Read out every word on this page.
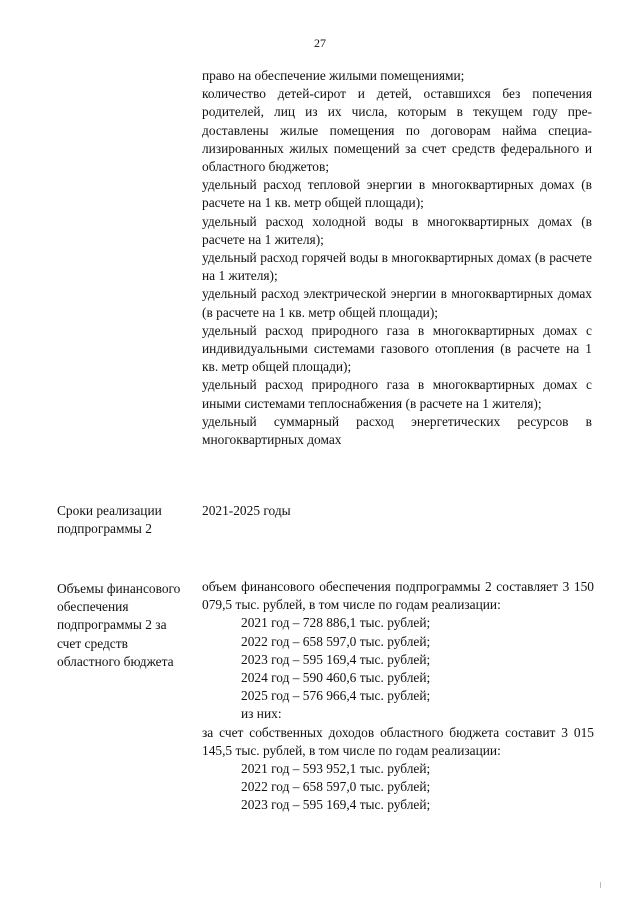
27

право на обеспечение жилыми помещениями;

количество детей-сирот и детей, оставшихся без попечения родителей, лиц из их числа, которым в текущем году предоставлены жилые помещения по договорам найма специализированных жилых помещений за счет средств федерального и областного бюджетов;

удельный расход тепловой энергии в многоквартирных домах (в расчете на 1 кв. метр общей площади);

удельный расход холодной воды в многоквартирных домах (в расчете на 1 жителя);

удельный расход горячей воды в многоквартирных домах (в расчете на 1 жителя);

удельный расход электрической энергии в многоквартирных домах (в расчете на 1 кв. метр общей площади);

удельный расход природного газа в многоквартирных домах с индивидуальными системами газового отопления (в расчете на 1 кв. метр общей площади);

удельный расход природного газа в многоквартирных домах с иными системами теплоснабжения (в расчете на 1 жителя);

удельный суммарный расход энергетических ресурсов в многоквартирных домах

Сроки реализации подпрограммы 2
2021-2025 годы
Объемы финансового обеспечения подпрограммы 2 за счет средств областного бюджета

объем финансового обеспечения подпрограммы 2 составляет 3 150 079,5 тыс. рублей, в том числе по годам реализации:

2021 год – 728 886,1 тыс. рублей;

2022 год – 658 597,0 тыс. рублей;

2023 год – 595 169,4 тыс. рублей;

2024 год – 590 460,6 тыс. рублей;

2025 год – 576 966,4 тыс. рублей;

из них:

за счет собственных доходов областного бюджета составит 3 015 145,5 тыс. рублей, в том числе по годам реализации:

2021 год – 593 952,1 тыс. рублей;

2022 год – 658 597,0 тыс. рублей;

2023 год – 595 169,4 тыс. рублей;
